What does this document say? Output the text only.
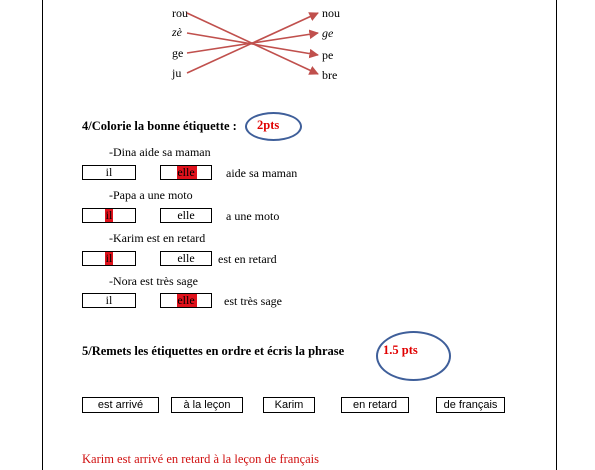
rou
zè
ge
ju
nou
ge
pe
bre
4/Colorie la bonne étiquette : 2pts
-Dina aide sa maman
il	elle	aide sa maman
-Papa a une moto
il	elle	a une moto
-Karim est en retard
il	elle	est en retard
-Nora est très sage
il	elle	est très sage
5/Remets les étiquettes en ordre et écris la phrase	1.5 pts
est arrivé	à la leçon	Karim	en retard	de français
Karim est arrivé en retard à la leçon de français
